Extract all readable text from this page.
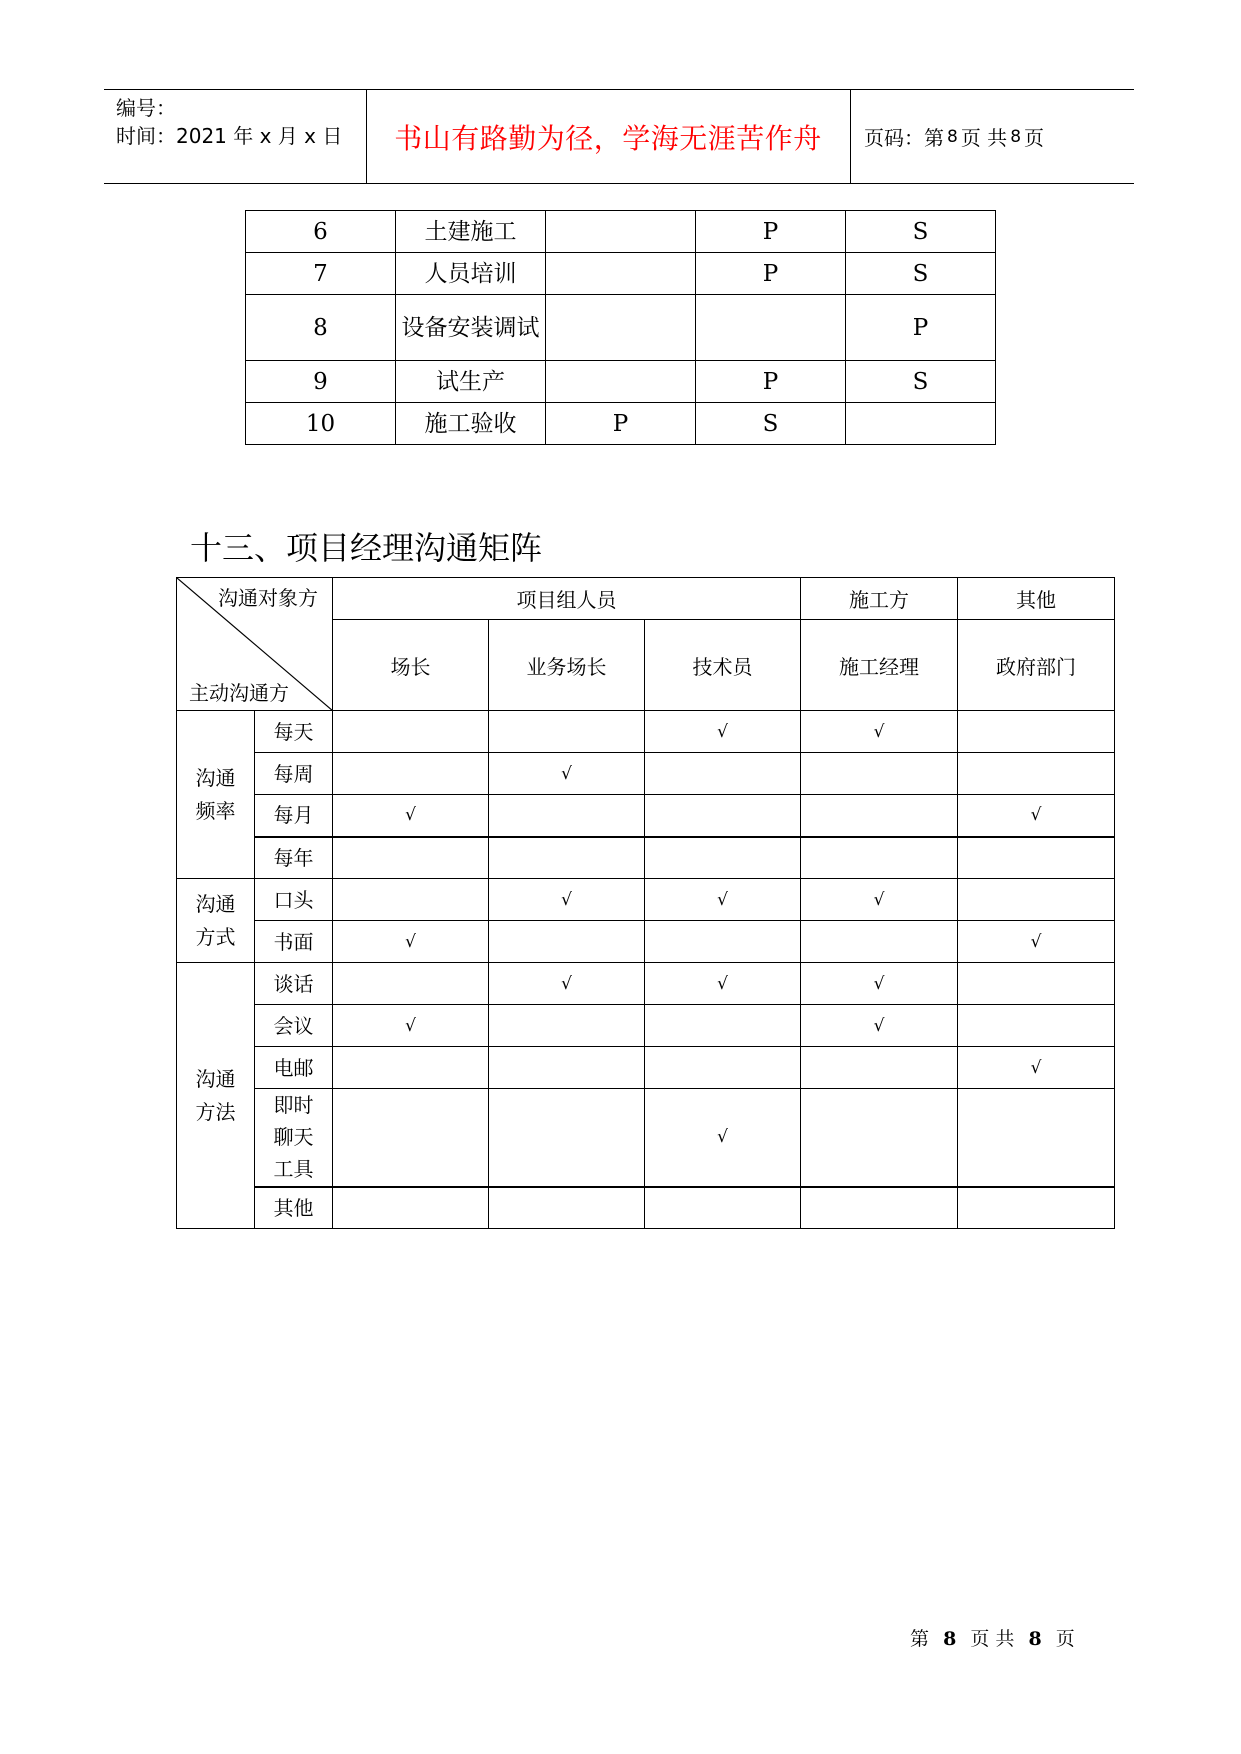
编号：
时间：2021 年 x 月 x 日	书山有路勤为径，学海无涯苦作舟	页码：第 8 页 共 8 页
6	土建施工		P	S
7	人员培训		P	S
8	设备安装调试			P
9	试生产		P	S
10	施工验收	P	S	
十三、项目经理沟通矩阵
沟通对象方
主动沟通方		项目组人员			施工方	其他
		场长	业务场长	技术员	施工经理	政府部门

沟通
频率	每天			√	√	
	每周		√			
	每月	√				√
	每年					

沟通
方式	口头		√	√	√	
	书面	√				√

沟通
方法	谈话		√	√	√	
	会议	√			√	
	电邮					√

	即时
聊天
工具			√		
	其他					
第 8 页 共 8 页
